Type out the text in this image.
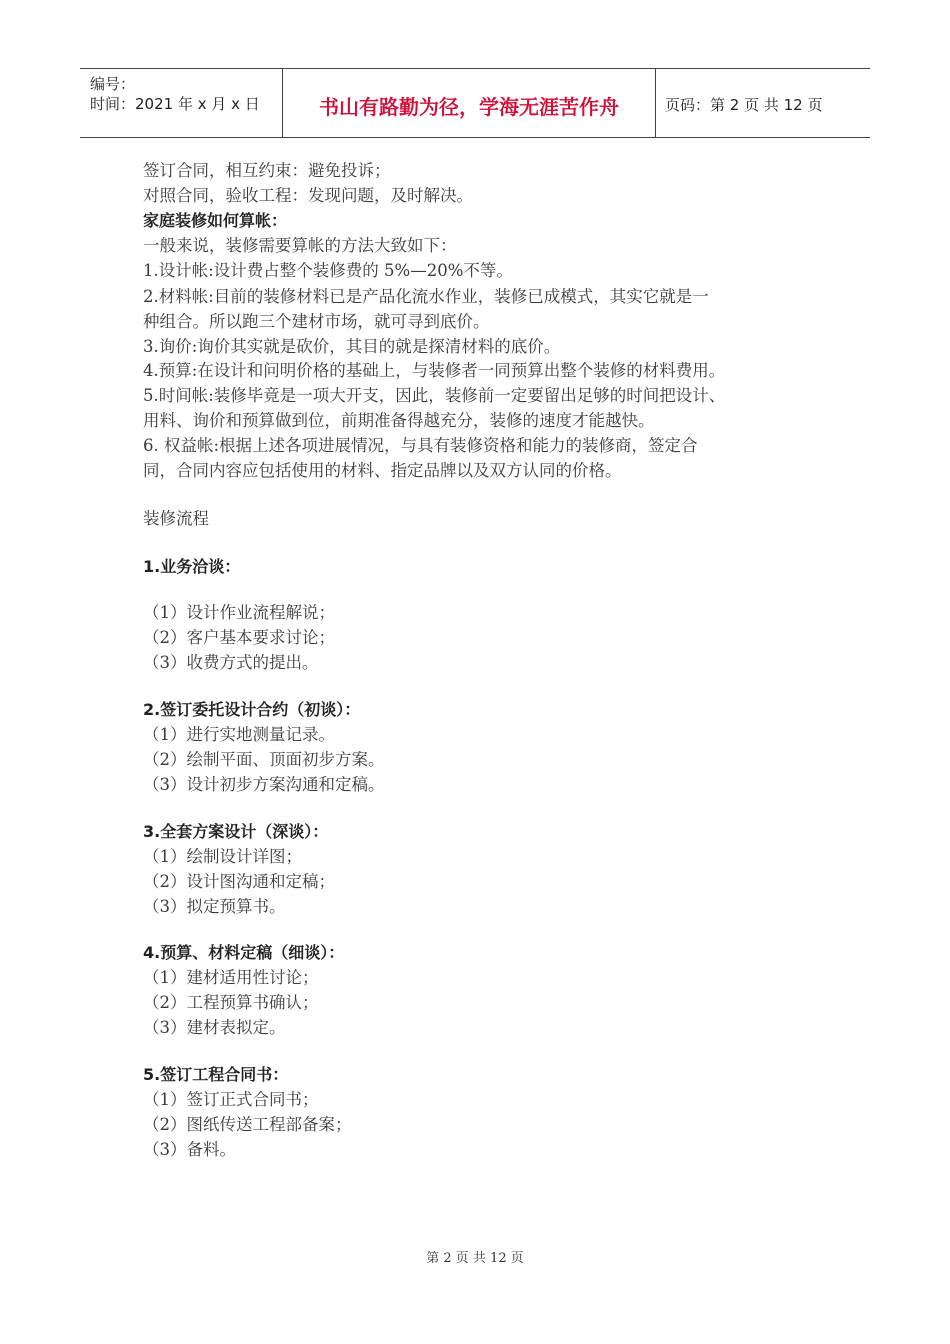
编号：
时间：2021 年 x 月 x 日	书山有路勤为径，学海无涯苦作舟	页码：第 2 页 共 12 页
签订合同，相互约束：避免投诉；
对照合同，验收工程：发现问题，及时解决。
家庭装修如何算帐：
一般来说，装修需要算帐的方法大致如下：
1.设计帐:设计费占整个装修费的 5%—20%不等。
2.材料帐:目前的装修材料已是产品化流水作业，装修已成模式，其实它就是一
种组合。所以跑三个建材市场，就可寻到底价。
3.询价:询价其实就是砍价，其目的就是探清材料的底价。
4.预算:在设计和问明价格的基础上，与装修者一同预算出整个装修的材料费用。
5.时间帐:装修毕竟是一项大开支，因此，装修前一定要留出足够的时间把设计、
用料、询价和预算做到位，前期准备得越充分，装修的速度才能越快。
6. 权益帐:根据上述各项进展情况，与具有装修资格和能力的装修商，签定合
同，合同内容应包括使用的材料、指定品牌以及双方认同的价格。
装修流程
1.业务洽谈：
（1）设计作业流程解说；
（2）客户基本要求讨论；
（3）收费方式的提出。
2.签订委托设计合约（初谈）：
（1）进行实地测量记录。
（2）绘制平面、顶面初步方案。
（3）设计初步方案沟通和定稿。
3.全套方案设计（深谈）：
（1）绘制设计详图；
（2）设计图沟通和定稿；
（3）拟定预算书。
4.预算、材料定稿（细谈）：
（1）建材适用性讨论；
（2）工程预算书确认；
（3）建材表拟定。
5.签订工程合同书：
（1）签订正式合同书；
（2）图纸传送工程部备案；
（3）备料。
第 2 页 共 12 页
